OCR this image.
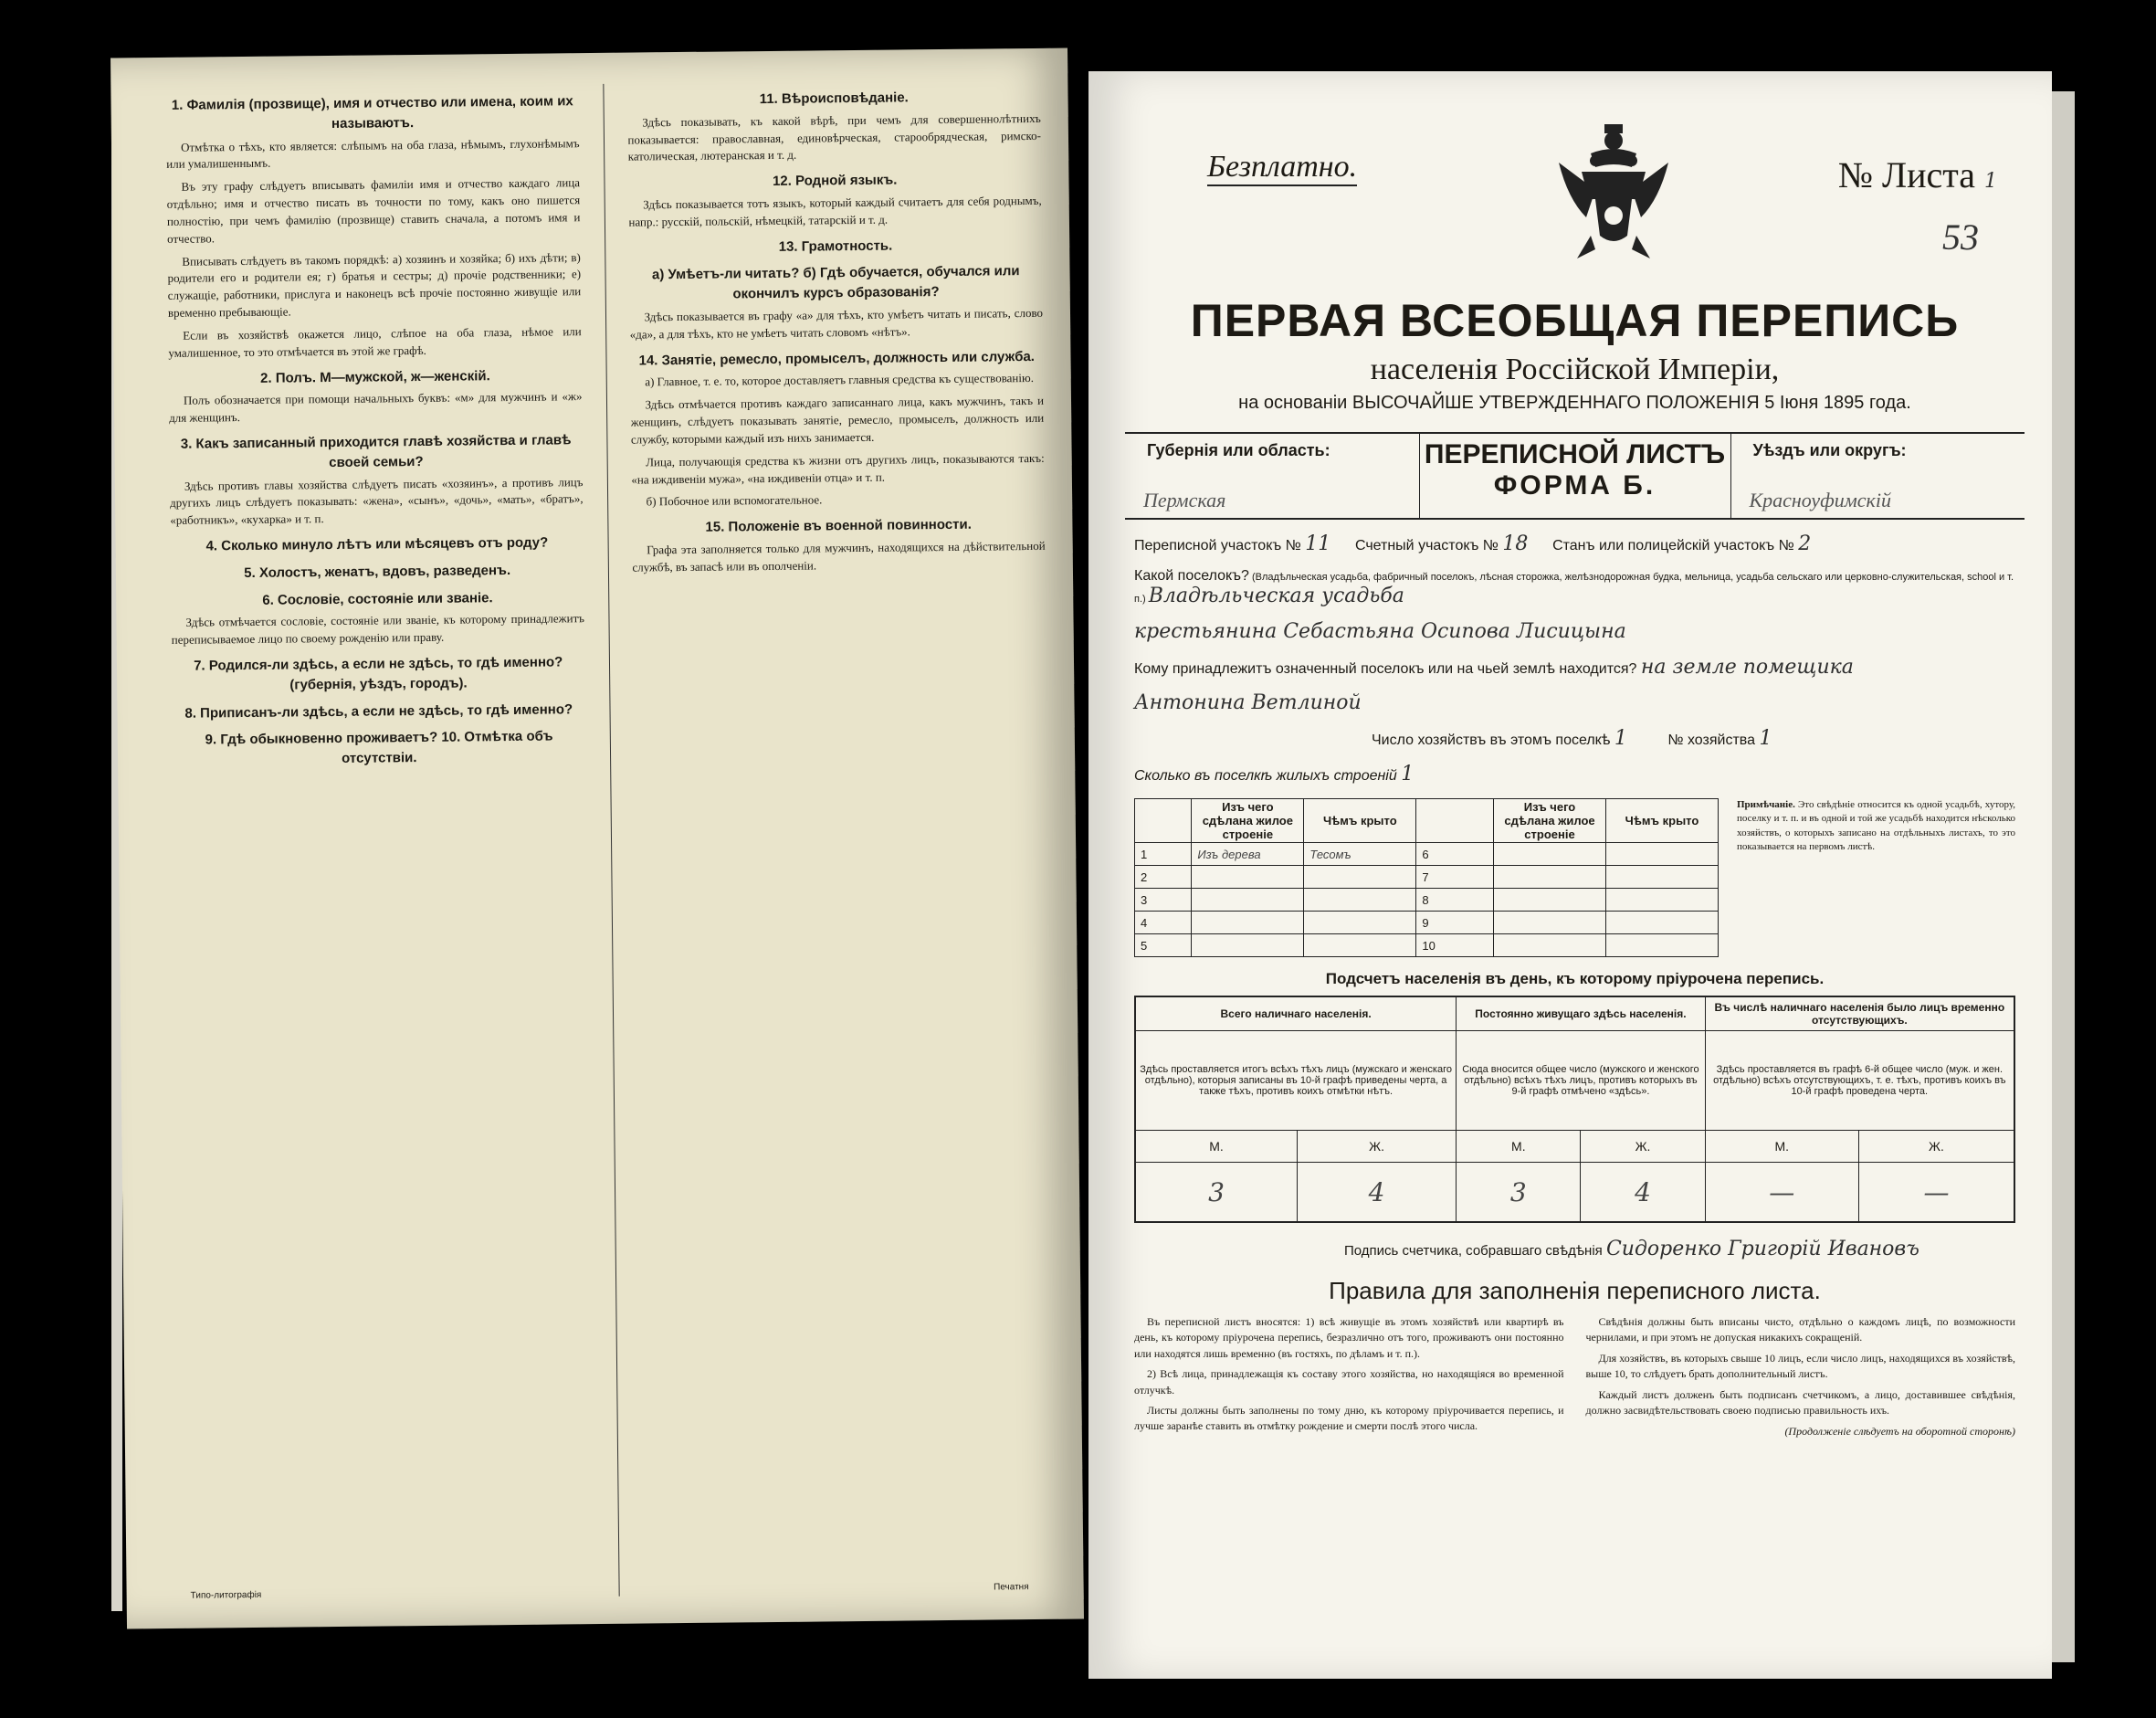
1. Фамилія (прозвище), имя и отчество или имена, коим их называютъ.

Отмѣтка о тѣхъ, кто является: слѣпымъ на оба глаза, нѣмымъ, глухонѣмымъ или умалишеннымъ.

Въ эту графу слѣдуетъ вписывать фамиліи имя и отчество каждаго лица отдѣльно; имя и отчество писать въ точности по тому, какъ оно пишется полностію, при чемъ фамилію (прозвище) ставить сначала, а потомъ имя и отчество.

Вписывать слѣдуетъ въ такомъ порядкѣ: а) хозяинъ и хозяйка; б) ихъ дѣти; в) родители его и родители ея; г) братья и сестры; д) прочіе родственники; е) служащіе, работники, прислуга и наконецъ всѣ прочіе постоянно живущіе или временно пребывающіе.

Если въ хозяйствѣ окажется лицо, слѣпое на оба глаза, нѣмое или умалишенное, то это отмѣчается въ этой же графѣ.

2. Полъ. М—мужской, ж—женскій.

Полъ обозначается при помощи начальныхъ буквъ: «м» для мужчинъ и «ж» для женщинъ.

3. Какъ записанный приходится главѣ хозяйства и главѣ своей семьи?

Здѣсь противъ главы хозяйства слѣдуетъ писать «хозяинъ», а противъ лицъ другихъ лицъ слѣдуетъ показывать: «жена», «сынъ», «дочь», «мать», «братъ», «работникъ», «кухарка» и т. п.

4. Сколько минуло лѣтъ или мѣсяцевъ отъ роду?
5. Холостъ, женатъ, вдовъ, разведенъ.
6. Сословіе, состояніе или званіе.

Здѣсь отмѣчается сословіе, состояніе или званіе, къ которому принадлежитъ переписываемое лицо по своему рожденію или праву.

7. Родился-ли здѣсь, а если не здѣсь, то гдѣ именно? (губернія, уѣздъ, городъ).
8. Приписанъ-ли здѣсь, а если не здѣсь, то гдѣ именно?
9. Гдѣ обыкновенно проживаетъ? 10. Отмѣтка объ отсутствіи.
11. Вѣроисповѣданіе.

Здѣсь показывать, къ какой вѣрѣ, при чемъ для совершеннолѣтнихъ показывается: православная, единовѣрческая, старообрядческая, римско-католическая, лютеранская и т. д.

12. Родной языкъ.

Здѣсь показывается тотъ языкъ, который каждый считаетъ для себя роднымъ, напр.: русскій, польскій, нѣмецкій, татарскій и т. д.

13. Грамотность.
а) Умѣетъ-ли читать? б) Гдѣ обучается, обучался или окончилъ курсъ образованія?

Здѣсь показывается въ графу «а» для тѣхъ, кто умѣетъ читать и писать, слово «да», а для тѣхъ, кто не умѣетъ читать словомъ «нѣтъ».

14. Занятіе, ремесло, промыселъ, должность или служба.

а) Главное, т. е. то, которое доставляетъ главныя средства къ существованію.

Здѣсь отмѣчается противъ каждаго записаннаго лица, какъ мужчинъ, такъ и женщинъ, слѣдуетъ показывать занятіе, ремесло, промыселъ, должность или службу, которыми каждый изъ нихъ занимается.

Лица, получающія средства къ жизни отъ другихъ лицъ, показываются такъ: «на иждивеніи мужа», «на иждивеніи отца» и т. п.

б) Побочное или вспомогательное.

15. Положеніе въ военной повинности.

Графа эта заполняется только для мужчинъ, находящихся на дѣйствительной службѣ, въ запасѣ или въ ополченіи.

Типо-литографія
Печатня
Безплатно.	№ Листа 1
53
ПЕРВАЯ ВСЕОБЩАЯ ПЕРЕПИСЬ
населенія Россійской Имперіи,
на основаніи ВЫСОЧАЙШЕ УТВЕРЖДЕННАГО ПОЛОЖЕНІЯ 5 Іюня 1895 года.
Губернія или область:
Пермская
ПЕРЕПИСНОЙ ЛИСТЪ
ФОРМА Б.
Уѣздъ или округъ:
Красноуфимскій
Переписной участокъ № 11 Счетный участокъ № 18 Станъ или полицейскій участокъ № 2
Какой поселокъ? (Владѣльческая усадьба, фабричный поселокъ, лѣсная сторожка, желѣзнодорожная будка, мельница, усадьба сельскаго или церковно-служительская, school и т. п.) Владѣльческая усадьба
крестьянина Себастьяна Осипова Лисицына
Кому принадлежитъ означенный поселокъ или на чьей землѣ находится? на земле помещика
Антонина Ветлиной
Число хозяйствъ въ этомъ поселкѣ 1	№ хозяйства 1
Сколько въ поселкѣ жилыхъ строеній 1
	Изъ чего сдѣлана жилое строеніе	Чѣмъ крыто		Изъ чего сдѣлана жилое строеніе	Чѣмъ крыто
1	Изъ дерева	Тесомъ	6		
2			7		
3			8		
4			9		
5			10		
Примѣчаніе. Это свѣдѣніе относится къ одной усадьбѣ, хутору, поселку и т. п. и въ одной и той же усадьбѣ находится нѣсколько хозяйствъ, о которыхъ записано на отдѣльныхъ листахъ, то это показывается на первомъ листѣ.
Подсчетъ населенія въ день, къ которому пріурочена перепись.
Всего наличнаго населенія.		Постоянно живущаго здѣсь населенія.		Въ числѣ наличнаго населенія было лицъ временно отсутствующихъ.	
Здѣсь проставляется итогъ всѣхъ тѣхъ лицъ (мужскаго и женскаго отдѣльно), которыя записаны въ 10-й графѣ приведены черта, а также тѣхъ, противъ коихъ отмѣтки нѣтъ.		Сюда вносится общее число (мужского и женского отдѣльно) всѣхъ тѣхъ лицъ, противъ которыхъ въ 9-й графѣ отмѣчено «здѣсь».		Здѣсь проставляется въ графѣ 6-й общее число (муж. и жен. отдѣльно) всѣхъ отсутствующихъ, т. е. тѣхъ, противъ коихъ въ 10-й графѣ проведена черта.	
М.	Ж.	М.	Ж.	М.	Ж.
3	4	3	4	—	—
Подпись счетчика, собравшаго свѣдѣнія Сидоренко Григорій Ивановъ
Правила для заполненія переписного листа.

Въ переписной листъ вносятся: 1) всѣ живущіе въ этомъ хозяйствѣ или квартирѣ въ день, къ которому пріурочена перепись, безразлично отъ того, проживаютъ они постоянно или находятся лишь временно (въ гостяхъ, по дѣламъ и т. п.).

2) Всѣ лица, принадлежащія къ составу этого хозяйства, но находящіяся во временной отлучкѣ.

Листы должны быть заполнены по тому дню, къ которому пріурочивается перепись, и лучше заранѣе ставить въ отмѣтку рождение и смерти послѣ этого числа.

Свѣдѣнія должны быть вписаны чисто, отдѣльно о каждомъ лицѣ, по возможности чернилами, и при этомъ не допуская никакихъ сокращеній.

Для хозяйствъ, въ которыхъ свыше 10 лицъ, если число лицъ, находящихся въ хозяйствѣ, выше 10, то слѣдуетъ брать дополнительный листъ.

Каждый листъ долженъ быть подписанъ счетчикомъ, а лицо, доставившее свѣдѣнія, должно засвидѣтельствовать своею подписью правильность ихъ.

(Продолженіе слѣдуетъ на оборотной сторонѣ)
